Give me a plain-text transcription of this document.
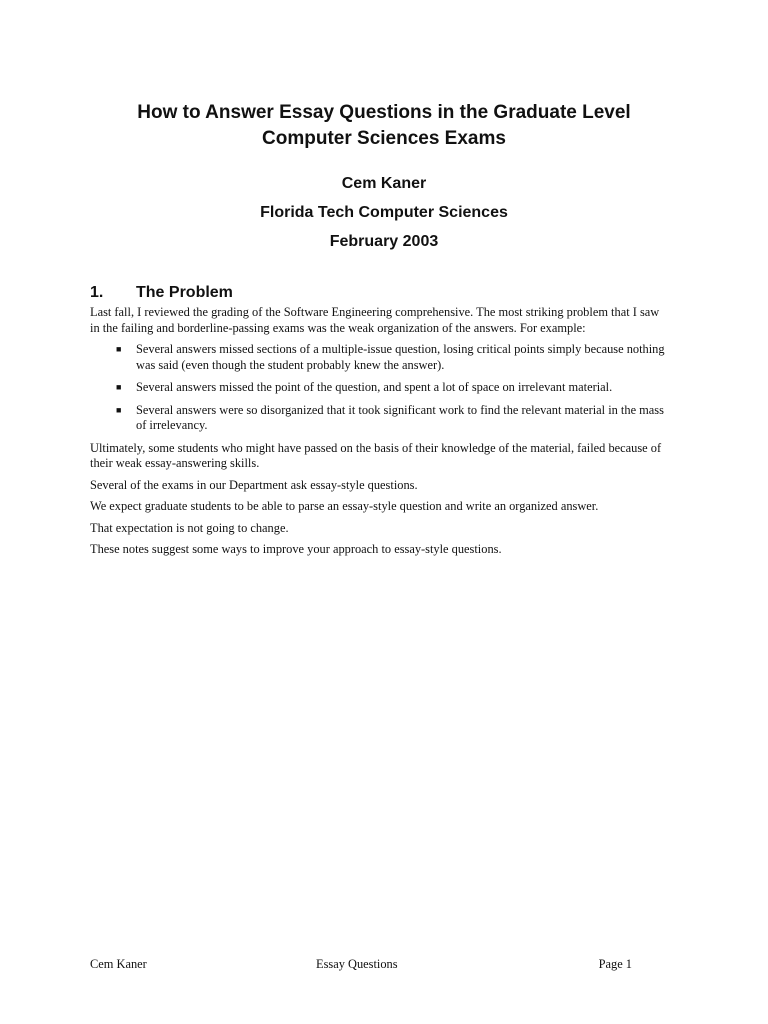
How to Answer Essay Questions in the Graduate Level
Computer Sciences Exams
Cem Kaner
Florida Tech Computer Sciences
February 2003
1.	The Problem

Last fall, I reviewed the grading of the Software Engineering comprehensive. The most striking problem that I saw in the failing and borderline-passing exams was the weak organization of the answers. For example:

■ Several answers missed sections of a multiple-issue question, losing critical points simply because nothing was said (even though the student probably knew the answer).
■ Several answers missed the point of the question, and spent a lot of space on irrelevant material.
■ Several answers were so disorganized that it took significant work to find the relevant material in the mass of irrelevancy.

Ultimately, some students who might have passed on the basis of their knowledge of the material, failed because of their weak essay-answering skills.

Several of the exams in our Department ask essay-style questions.

We expect graduate students to be able to parse an essay-style question and write an organized answer.

That expectation is not going to change.

These notes suggest some ways to improve your approach to essay-style questions.

Cem Kaner	Essay Questions	Page 1
